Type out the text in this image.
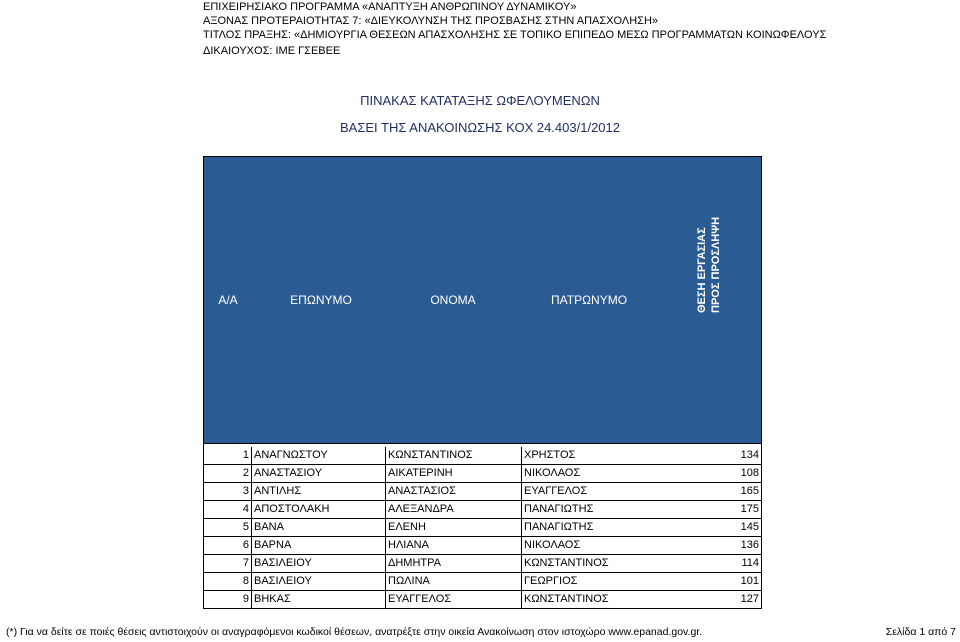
ΕΠΙΧΕΙΡΗΣΙΑΚΟ ΠΡΟΓΡΑΜΜΑ «ΑΝΑΠΤΥΞΗ ΑΝΘΡΩΠΙΝΟΥ ΔΥΝΑΜΙΚΟΥ»
ΑΞΟΝΑΣ ΠΡΟΤΕΡΑΙΟΤΗΤΑΣ 7: «ΔΙΕΥΚΟΛΥΝΣΗ ΤΗΣ ΠΡΟΣΒΑΣΗΣ ΣΤΗΝ ΑΠΑΣΧΟΛΗΣΗ»
ΤΙΤΛΟΣ ΠΡΑΞΗΣ: «ΔΗΜΙΟΥΡΓΙΑ ΘΕΣΕΩΝ ΑΠΑΣΧΟΛΗΣΗΣ ΣΕ ΤΟΠΙΚΟ ΕΠΙΠΕΔΟ ΜΕΣΩ ΠΡΟΓΡΑΜΜΑΤΩΝ ΚΟΙΝΩΦΕΛΟΥΣ
ΔΙΚΑΙΟΥΧΟΣ: ΙΜΕ ΓΣΕΒΕΕ
ΠΙΝΑΚΑΣ ΚΑΤΑΤΑΞΗΣ ΩΦΕΛΟΥΜΕΝΩΝ
ΒΑΣΕΙ ΤΗΣ ΑΝΑΚΟΙΝΩΣΗΣ ΚΟΧ 24.403/1/2012
Α/Α	ΕΠΩΝΥΜΟ	ΟΝΟΜΑ	ΠΑΤΡΩΝΥΜΟ	ΘΕΣΗ ΕΡΓΑΣΙΑΣ ΠΡΟΣ ΠΡΟΣΛΗΨΗ
1 ΑΝΑΓΝΩΣΤΟΥ	ΚΩΝΣΤΑΝΤΙΝΟΣ	ΧΡΗΣΤΟΣ	134
2 ΑΝΑΣΤΑΣΙΟΥ	ΑΙΚΑΤΕΡΙΝΗ	ΝΙΚΟΛΑΟΣ	108
3 ΑΝΤΙΛΗΣ	ΑΝΑΣΤΑΣΙΟΣ	ΕΥΑΓΓΕΛΟΣ	165
4 ΑΠΟΣΤΟΛΑΚΗ	ΑΛΕΞΑΝΔΡΑ	ΠΑΝΑΓΙΩΤΗΣ	175
5 ΒΑΝΑ	ΕΛΕΝΗ	ΠΑΝΑΓΙΩΤΗΣ	145
6 ΒΑΡΝΑ	ΗΛΙΑΝΑ	ΝΙΚΟΛΑΟΣ	136
7 ΒΑΣΙΛΕΙΟΥ	ΔΗΜΗΤΡΑ	ΚΩΝΣΤΑΝΤΙΝΟΣ	114
8 ΒΑΣΙΛΕΙΟΥ	ΠΩΛΙΝΑ	ΓΕΩΡΓΙΟΣ	101
9 ΒΗΚΑΣ	ΕΥΑΓΓΕΛΟΣ	ΚΩΝΣΤΑΝΤΙΝΟΣ	127
(*) Για να δείτε σε ποιές θέσεις αντιστοιχούν οι αναγραφόμενοι κωδικοί θέσεων, ανατρέξτε στην οικεία Ανακοίνωση στον ιστοχώρο www.epanad.gov.gr.	Σελίδα 1 από 7
